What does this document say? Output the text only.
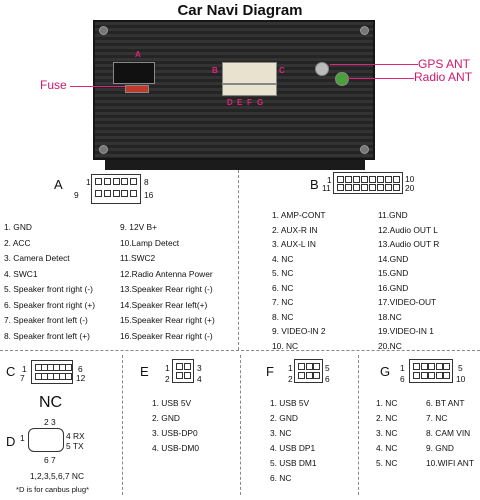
Car Navi Diagram
A
B	C
D E F G
Fuse
GPS ANT
Radio ANT
A	1	8
9	16
1. GND
2. ACC
3. Camera Detect
4. SWC1
5. Speaker front right (-)
6. Speaker front right (+)
7. Speaker front left (-)
8. Speaker front left (+)
9. 12V B+
10.Lamp Detect
11.SWC2
12.Radio Antenna Power
13.Speaker Rear right (-)
14.Speaker Rear left(+)
15.Speaker Rear right (+)
16.Speaker Rear right (-)
B 1	10
11	20
1. AMP-CONT
2. AUX-R IN
3. AUX-L IN
4. NC
5. NC
6. NC
7. NC
8. NC
9. VIDEO-IN 2
10. NC
11.GND
12.Audio OUT L
13.Audio OUT R
14.GND
15.GND
16.GND
17.VIDEO-OUT
18.NC
19.VIDEO-IN 1
20.NC
C 1	6
7	12
NC
D
2 3
1	4 RX
5 TX
6 7
1,2,3,5,6,7 NC
*D is for canbus plug*
E 1	3
2	4
1. USB 5V
2. GND
3. USB-DP0
4. USB-DM0
F 1	5
2	6
1. USB 5V
2. GND
3. NC
4. USB DP1
5. USB DM1
6. NC
G 1	5
6	10
1. NC
2. NC
3. NC
4. NC
5. NC
6. BT ANT
7. NC
8. CAM VIN
9. GND
10.WIFI ANT
